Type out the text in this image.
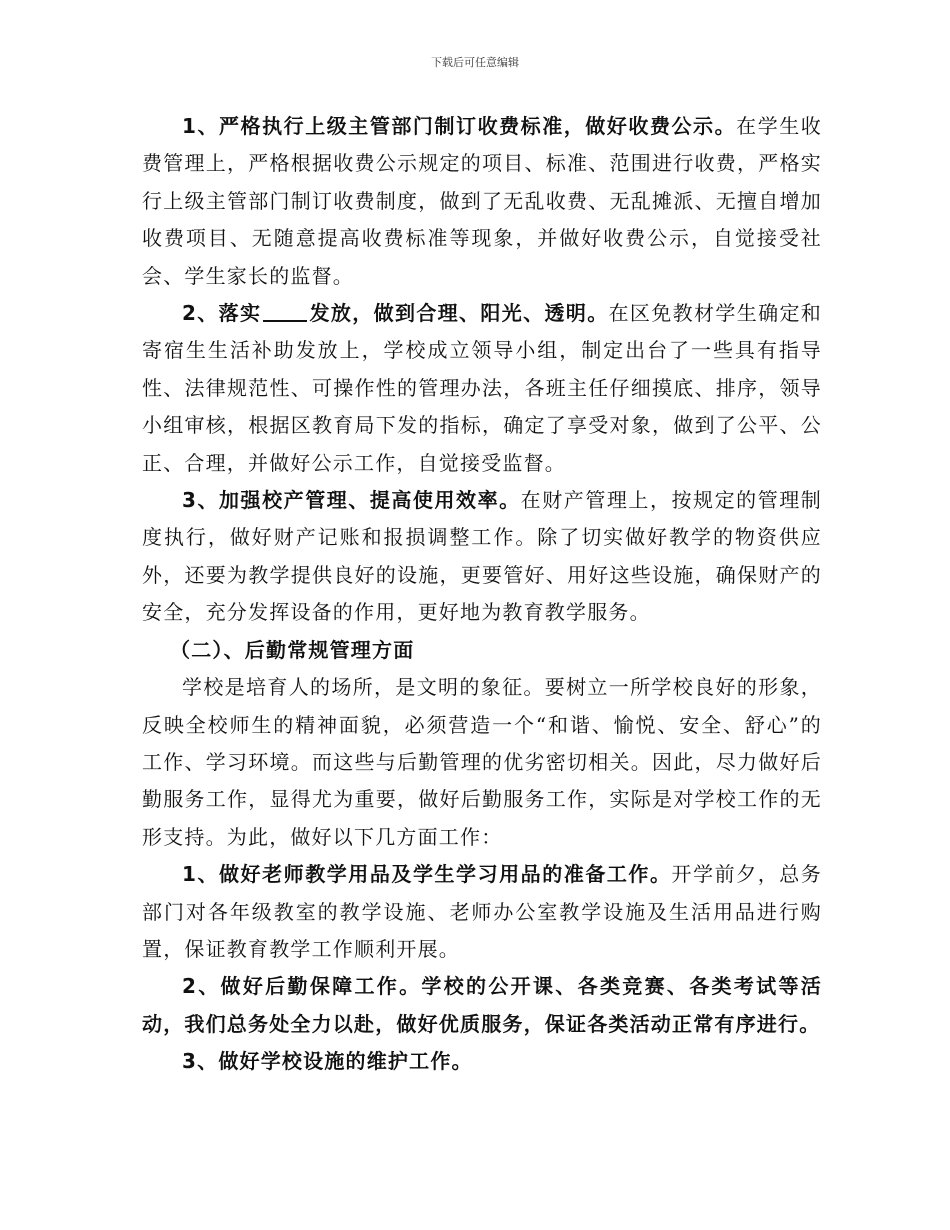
下载后可任意编辑

1、严格执行上级主管部门制订收费标准，做好收费公示。在学生收费管理上，严格根据收费公示规定的项目、标准、范围进行收费，严格实行上级主管部门制订收费制度，做到了无乱收费、无乱摊派、无擅自增加收费项目、无随意提高收费标准等现象，并做好收费公示，自觉接受社会、学生家长的监督。

2、落实 发放，做到合理、阳光、透明。在区免教材学生确定和寄宿生生活补助发放上，学校成立领导小组，制定出台了一些具有指导性、法律规范性、可操作性的管理办法，各班主任仔细摸底、排序，领导小组审核，根据区教育局下发的指标，确定了享受对象，做到了公平、公正、合理，并做好公示工作，自觉接受监督。

3、加强校产管理、提高使用效率。在财产管理上，按规定的管理制度执行，做好财产记账和报损调整工作。除了切实做好教学的物资供应外，还要为教学提供良好的设施，更要管好、用好这些设施，确保财产的安全，充分发挥设备的作用，更好地为教育教学服务。

（二）、后勤常规管理方面

学校是培育人的场所，是文明的象征。要树立一所学校良好的形象，反映全校师生的精神面貌，必须营造一个“和谐、愉悦、安全、舒心”的工作、学习环境。而这些与后勤管理的优劣密切相关。因此，尽力做好后勤服务工作，显得尤为重要，做好后勤服务工作，实际是对学校工作的无形支持。为此，做好以下几方面工作：

1、做好老师教学用品及学生学习用品的准备工作。开学前夕，总务部门对各年级教室的教学设施、老师办公室教学设施及生活用品进行购置，保证教育教学工作顺利开展。

2、做好后勤保障工作。学校的公开课、各类竞赛、各类考试等活动，我们总务处全力以赴，做好优质服务，保证各类活动正常有序进行。

3、做好学校设施的维护工作。
